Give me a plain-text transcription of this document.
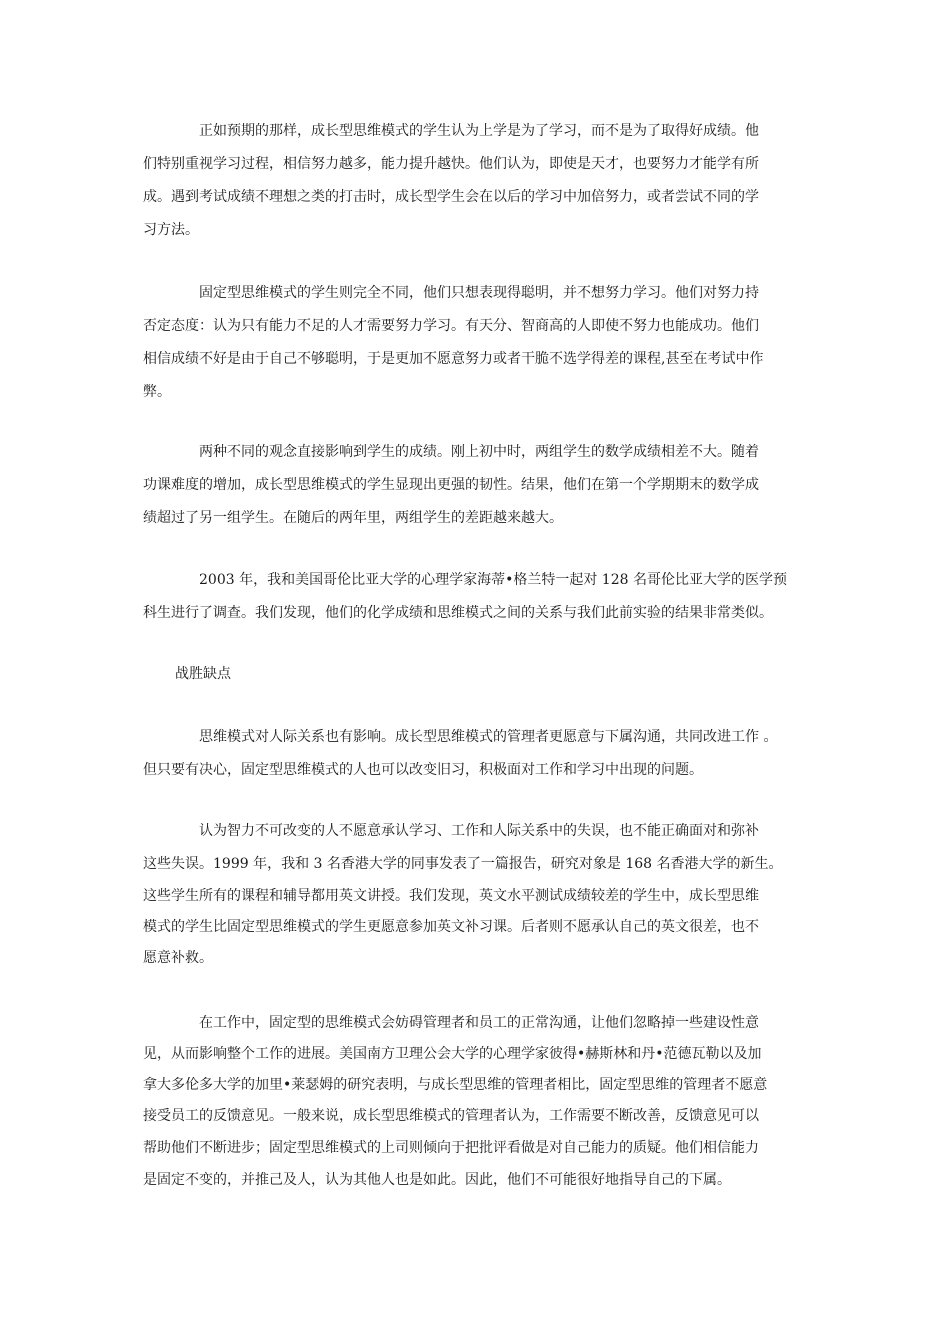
正如预期的那样，成长型思维模式的学生认为上学是为了学习，而不是为了取得好成绩。他
们特别重视学习过程，相信努力越多，能力提升越快。他们认为，即使是天才，也要努力才能学有所
成。遇到考试成绩不理想之类的打击时，成长型学生会在以后的学习中加倍努力，或者尝试不同的学
习方法。
固定型思维模式的学生则完全不同，他们只想表现得聪明，并不想努力学习。他们对努力持
否定态度：认为只有能力不足的人才需要努力学习。有天分、智商高的人即使不努力也能成功。他们
相信成绩不好是由于自己不够聪明，于是更加不愿意努力或者干脆不选学得差的课程,甚至在考试中作
弊。
两种不同的观念直接影响到学生的成绩。刚上初中时，两组学生的数学成绩相差不大。随着
功课难度的增加，成长型思维模式的学生显现出更强的韧性。结果，他们在第一个学期期末的数学成
绩超过了另一组学生。在随后的两年里，两组学生的差距越来越大。
2003 年，我和美国哥伦比亚大学的心理学家海蒂•格兰特一起对 128 名哥伦比亚大学的医学预
科生进行了调查。我们发现，他们的化学成绩和思维模式之间的关系与我们此前实验的结果非常类似。
战胜缺点
思维模式对人际关系也有影响。成长型思维模式的管理者更愿意与下属沟通，共同改进工作 。
但只要有决心，固定型思维模式的人也可以改变旧习，积极面对工作和学习中出现的问题。
认为智力不可改变的人不愿意承认学习、工作和人际关系中的失误，也不能正确面对和弥补
这些失误。1999 年，我和 3 名香港大学的同事发表了一篇报告，研究对象是 168 名香港大学的新生。
这些学生所有的课程和辅导都用英文讲授。我们发现，英文水平测试成绩较差的学生中，成长型思维
模式的学生比固定型思维模式的学生更愿意参加英文补习课。后者则不愿承认自己的英文很差，也不
愿意补救。
在工作中，固定型的思维模式会妨碍管理者和员工的正常沟通，让他们忽略掉一些建设性意
见，从而影响整个工作的进展。美国南方卫理公会大学的心理学家彼得•赫斯林和丹•范德瓦勒以及加
拿大多伦多大学的加里•莱瑟姆的研究表明，与成长型思维的管理者相比，固定型思维的管理者不愿意
接受员工的反馈意见。一般来说，成长型思维模式的管理者认为，工作需要不断改善，反馈意见可以
帮助他们不断进步；固定型思维模式的上司则倾向于把批评看做是对自己能力的质疑。他们相信能力
是固定不变的，并推己及人，认为其他人也是如此。因此，他们不可能很好地指导自己的下属。
